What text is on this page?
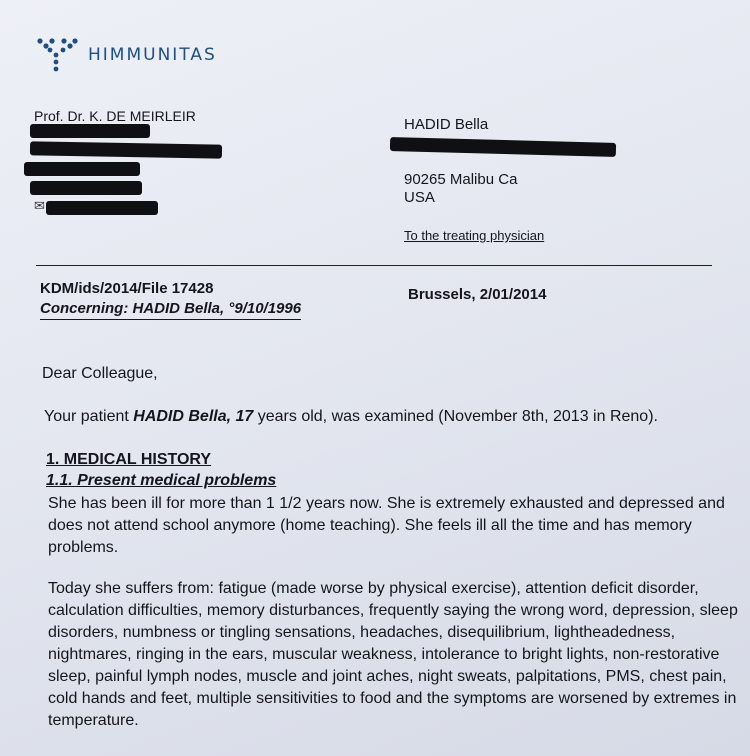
HIMMUNITAS
Prof. Dr. K. DE MEIRLEIR
✉
HADID Bella
90265 Malibu Ca
USA
To the treating physician
KDM/ids/2014/File 17428
Concerning: HADID Bella, °9/10/1996
Brussels, 2/01/2014
Dear Colleague,
Your patient HADID Bella, 17 years old, was examined (November 8th, 2013 in Reno).
1. MEDICAL HISTORY
1.1. Present medical problems
She has been ill for more than 1 1/2 years now. She is extremely exhausted and depressed and does not attend school anymore (home teaching). She feels ill all the time and has memory problems.
Today she suffers from: fatigue (made worse by physical exercise), attention deficit disorder, calculation difficulties, memory disturbances, frequently saying the wrong word, depression, sleep disorders, numbness or tingling sensations, headaches, disequilibrium, lightheadedness, nightmares, ringing in the ears, muscular weakness, intolerance to bright lights, non-restorative sleep, painful lymph nodes, muscle and joint aches, night sweats, palpitations, PMS, chest pain, cold hands and feet, multiple sensitivities to food and the symptoms are worsened by extremes in temperature.
